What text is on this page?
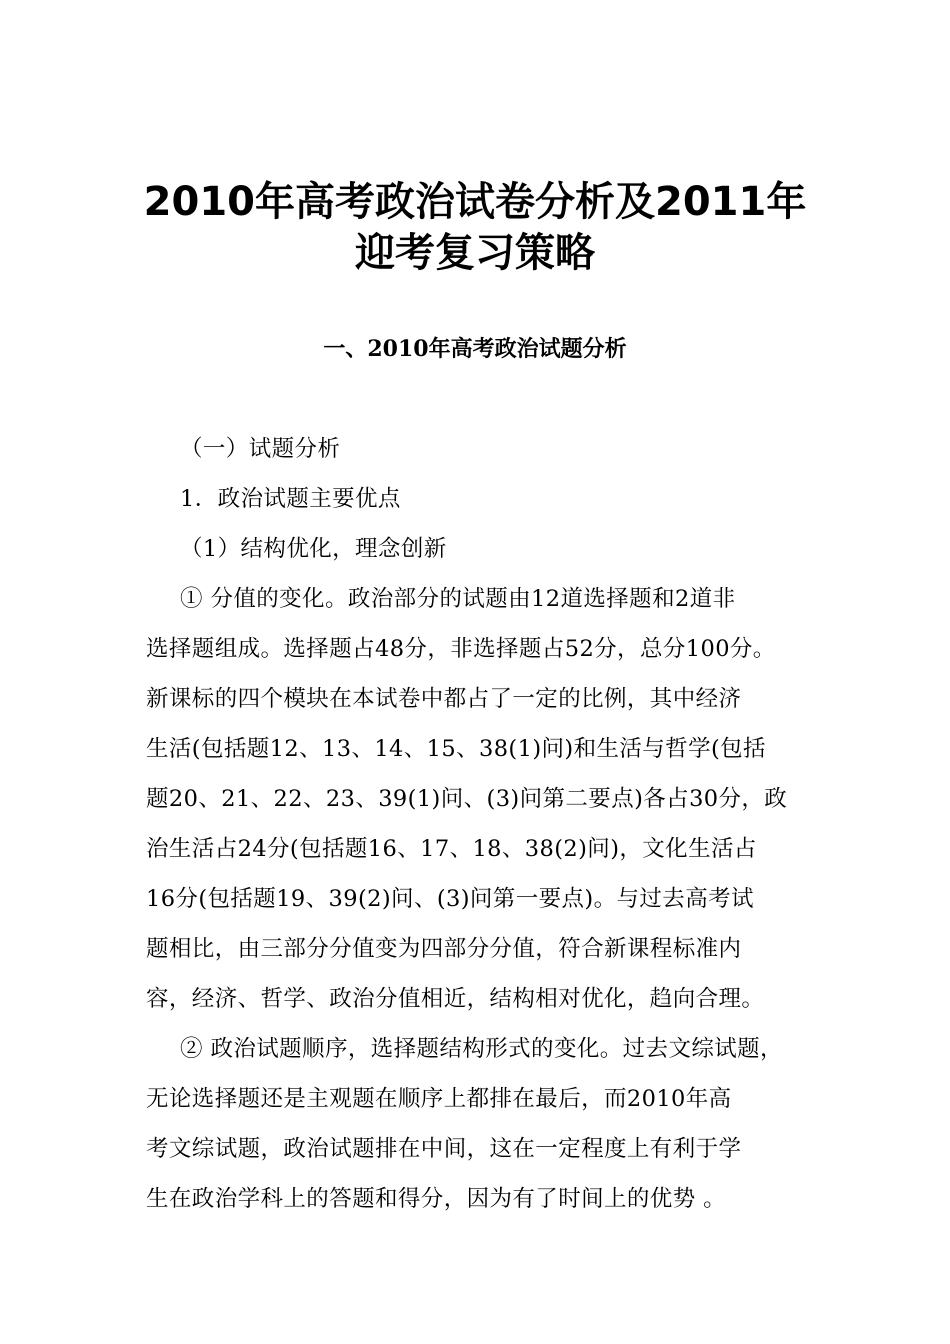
2010年高考政治试卷分析及2011年
迎考复习策略
一、2010年高考政治试题分析
（一）试题分析
1．政治试题主要优点
（1）结构优化，理念创新
① 分值的变化。政治部分的试题由12道选择题和2道非
选择题组成。选择题占48分，非选择题占52分，总分100分。
新课标的四个模块在本试卷中都占了一定的比例，其中经济
生活(包括题12、13、14、15、38(1)问)和生活与哲学(包括
题20、21、22、23、39(1)问、(3)问第二要点)各占30分，政
治生活占24分(包括题16、17、18、38(2)问)，文化生活占
16分(包括题19、39(2)问、(3)问第一要点)。与过去高考试
题相比，由三部分分值变为四部分分值，符合新课程标准内
容，经济、哲学、政治分值相近，结构相对优化，趋向合理。
② 政治试题顺序，选择题结构形式的变化。过去文综试题，
无论选择题还是主观题在顺序上都排在最后，而2010年高
考文综试题，政治试题排在中间，这在一定程度上有利于学
生在政治学科上的答题和得分，因为有了时间上的优势 。
